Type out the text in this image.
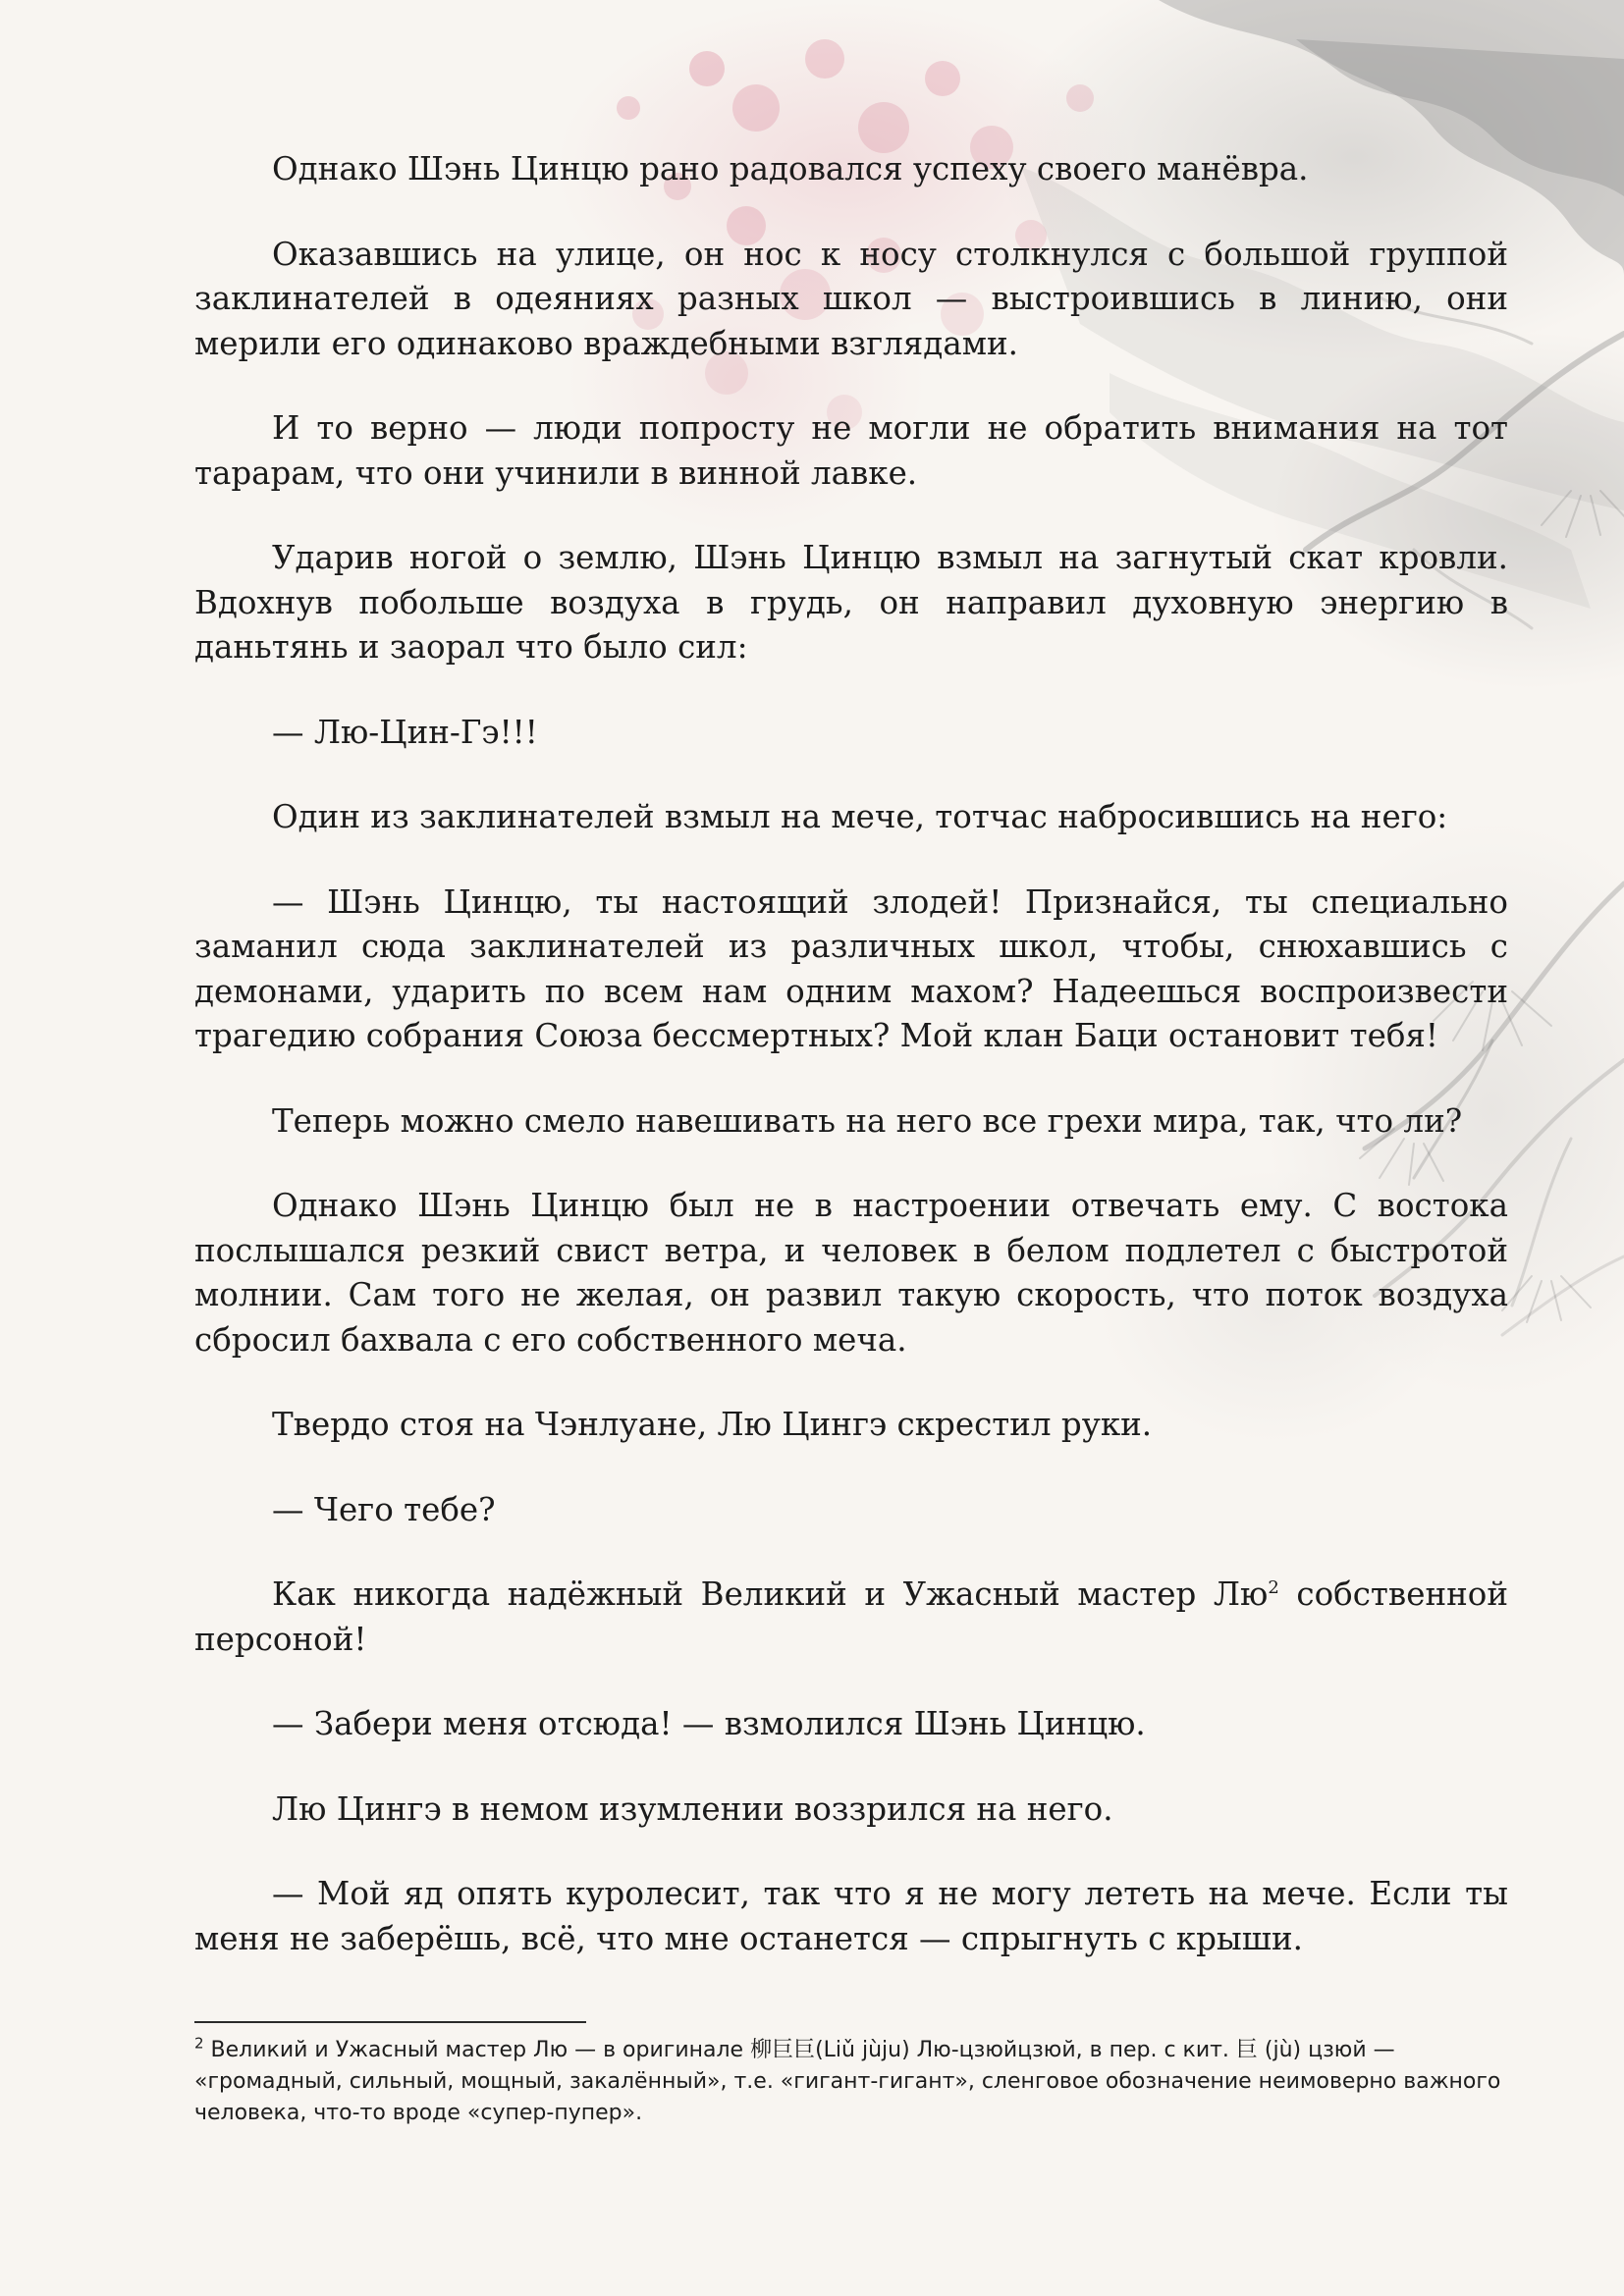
Однако Шэнь Цинцю рано радовался успеху своего манёвра.

Оказавшись на улице, он нос к носу столкнулся с большой группой заклинателей в одеяниях разных школ — выстроившись в линию, они мерили его одинаково враждебными взглядами.

И то верно — люди попросту не могли не обратить внимания на тот тарарам, что они учинили в винной лавке.

Ударив ногой о землю, Шэнь Цинцю взмыл на загнутый скат кровли. Вдохнув побольше воздуха в грудь, он направил духовную энергию в даньтянь и заорал что было сил:

— Лю-Цин-Гэ!!!

Один из заклинателей взмыл на мече, тотчас набросившись на него:

— Шэнь Цинцю, ты настоящий злодей! Признайся, ты специально заманил сюда заклинателей из различных школ, чтобы, снюхавшись с демонами, ударить по всем нам одним махом? Надеешься воспроизвести трагедию собрания Союза бессмертных? Мой клан Баци остановит тебя!

Теперь можно смело навешивать на него все грехи мира, так, что ли?

Однако Шэнь Цинцю был не в настроении отвечать ему. С востока послышался резкий свист ветра, и человек в белом подлетел с быстротой молнии. Сам того не желая, он развил такую скорость, что поток воздуха сбросил бахвала с его собственного меча.

Твердо стоя на Чэнлуане, Лю Цингэ скрестил руки.

— Чего тебе?

Как никогда надёжный Великий и Ужасный мастер Лю$^2$ собственной персоной!

— Забери меня отсюда! — взмолился Шэнь Цинцю.

Лю Цингэ в немом изумлении воззрился на него.

— Мой яд опять куролесит, так что я не могу лететь на мече. Если ты меня не заберёшь, всё, что мне останется — спрыгнуть с крыши.

$^2$ Великий и Ужасный мастер Лю — в оригинале 柳巨巨(Liǔ jùju) Лю-цзюйцзюй, в пер. с кит. 巨 (jù) цзюй — «громадный, сильный, мощный, закалённый», т.е. «гигант-гигант», сленговое обозначение неимоверно важного человека, что-то вроде «супер-пупер».
